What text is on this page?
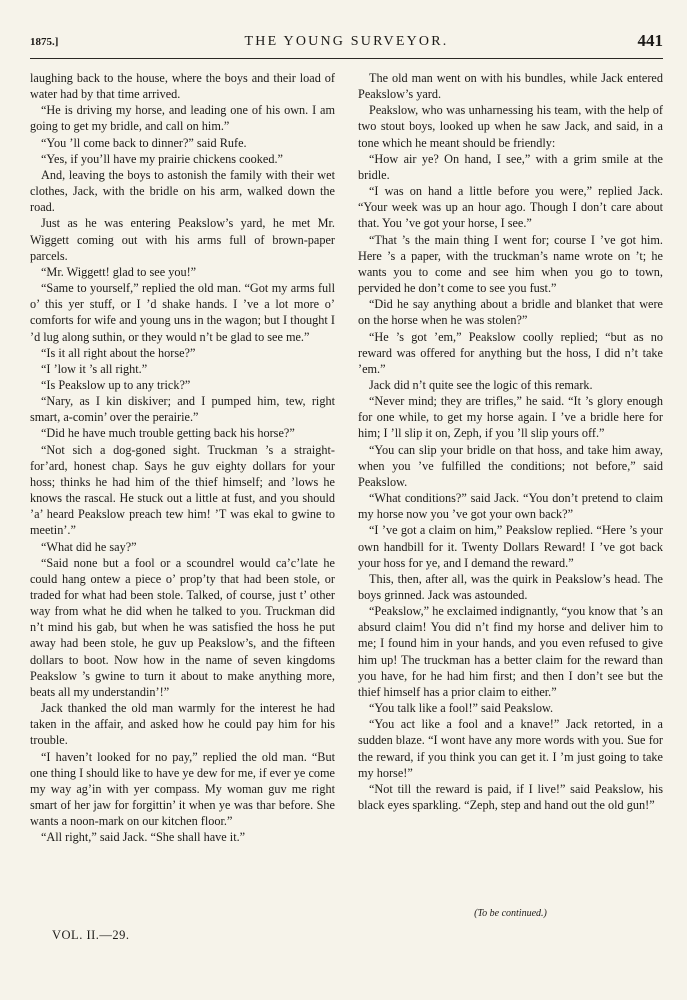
1875.]	THE YOUNG SURVEYOR.	441

laughing back to the house, where the boys and their load of water had by that time arrived.

“He is driving my horse, and leading one of his own. I am going to get my bridle, and call on him.”

“You ’ll come back to dinner?” said Rufe.

“Yes, if you’ll have my prairie chickens cooked.”

And, leaving the boys to astonish the family with their wet clothes, Jack, with the bridle on his arm, walked down the road.

Just as he was entering Peakslow’s yard, he met Mr. Wiggett coming out with his arms full of brown-paper parcels.

“Mr. Wiggett! glad to see you!”

“Same to yourself,” replied the old man. “Got my arms full o’ this yer stuff, or I ’d shake hands. I ’ve a lot more o’ comforts for wife and young uns in the wagon; but I thought I ’d lug along suthin, or they would n’t be glad to see me.”

“Is it all right about the horse?”

“I ’low it ’s all right.”

“Is Peakslow up to any trick?”

“Nary, as I kin diskiver; and I pumped him, tew, right smart, a-comin’ over the perairie.”

“Did he have much trouble getting back his horse?”

“Not sich a dog-goned sight. Truckman ’s a straight-for’ard, honest chap. Says he guv eighty dollars for your hoss; thinks he had him of the thief himself; and ’lows he knows the rascal. He stuck out a little at fust, and you should ’a’ heard Peakslow preach tew him! ’T was ekal to gwine to meetin’.”

“What did he say?”

“Said none but a fool or a scoundrel would ca’c’late he could hang ontew a piece o’ prop’ty that had been stole, or traded for what had been stole. Talked, of course, just t’ other way from what he did when he talked to you. Truckman did n’t mind his gab, but when he was satisfied the hoss he put away had been stole, he guv up Peakslow’s, and the fifteen dollars to boot. Now how in the name of seven kingdoms Peakslow ’s gwine to turn it about to make anything more, beats all my understandin’!”

Jack thanked the old man warmly for the interest he had taken in the affair, and asked how he could pay him for his trouble.

“I haven’t looked for no pay,” replied the old man. “But one thing I should like to have ye dew for me, if ever ye come my way ag’in with yer compass. My woman guv me right smart of her jaw for forgittin’ it when ye was thar before. She wants a noon-mark on our kitchen floor.”

“All right,” said Jack. “She shall have it.”

The old man went on with his bundles, while Jack entered Peakslow’s yard.

Peakslow, who was unharnessing his team, with the help of two stout boys, looked up when he saw Jack, and said, in a tone which he meant should be friendly:

“How air ye? On hand, I see,” with a grim smile at the bridle.

“I was on hand a little before you were,” replied Jack. “Your week was up an hour ago. Though I don’t care about that. You ’ve got your horse, I see.”

“That ’s the main thing I went for; course I ’ve got him. Here ’s a paper, with the truckman’s name wrote on ’t; he wants you to come and see him when you go to town, pervided he don’t come to see you fust.”

“Did he say anything about a bridle and blanket that were on the horse when he was stolen?”

“He ’s got ’em,” Peakslow coolly replied; “but as no reward was offered for anything but the hoss, I did n’t take ’em.”

Jack did n’t quite see the logic of this remark.

“Never mind; they are trifles,” he said. “It ’s glory enough for one while, to get my horse again. I ’ve a bridle here for him; I ’ll slip it on, Zeph, if you ’ll slip yours off.”

“You can slip your bridle on that hoss, and take him away, when you ’ve fulfilled the conditions; not before,” said Peakslow.

“What conditions?” said Jack. “You don’t pretend to claim my horse now you ’ve got your own back?”

“I ’ve got a claim on him,” Peakslow replied. “Here ’s your own handbill for it. Twenty Dollars Reward! I ’ve got back your hoss for ye, and I demand the reward.”

This, then, after all, was the quirk in Peakslow’s head. The boys grinned. Jack was astounded.

“Peakslow,” he exclaimed indignantly, “you know that ’s an absurd claim! You did n’t find my horse and deliver him to me; I found him in your hands, and you even refused to give him up! The truckman has a better claim for the reward than you have, for he had him first; and then I don’t see but the thief himself has a prior claim to either.”

“You talk like a fool!” said Peakslow.

“You act like a fool and a knave!” Jack retorted, in a sudden blaze. “I wont have any more words with you. Sue for the reward, if you think you can get it. I ’m just going to take my horse!”

“Not till the reward is paid, if I live!” said Peakslow, his black eyes sparkling. “Zeph, step and hand out the old gun!”

(To be continued.)
VOL. II.—29.
